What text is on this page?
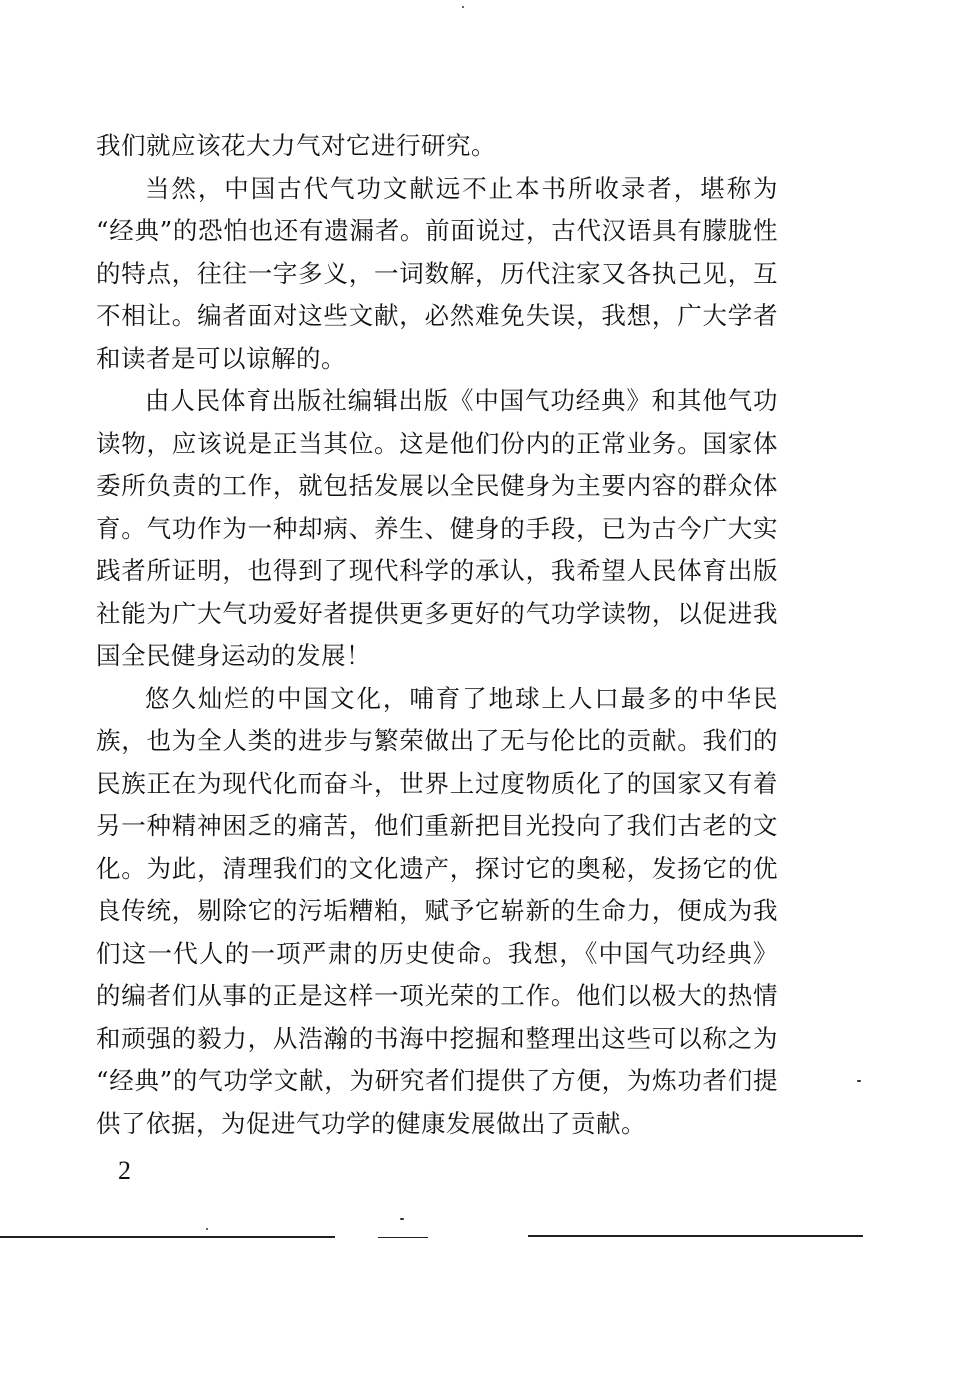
我们就应该花大力气对它进行研究。
当然，中国古代气功文献远不止本书所收录者，堪称为
“经典”的恐怕也还有遗漏者。前面说过，古代汉语具有朦胧性
的特点，往往一字多义，一词数解，历代注家又各执己见，互
不相让。编者面对这些文献，必然难免失误，我想，广大学者
和读者是可以谅解的。
由人民体育出版社编辑出版《中国气功经典》和其他气功
读物，应该说是正当其位。这是他们份内的正常业务。国家体
委所负责的工作，就包括发展以全民健身为主要内容的群众体
育。气功作为一种却病、养生、健身的手段，已为古今广大实
践者所证明，也得到了现代科学的承认，我希望人民体育出版
社能为广大气功爱好者提供更多更好的气功学读物，以促进我
国全民健身运动的发展！
悠久灿烂的中国文化，哺育了地球上人口最多的中华民
族，也为全人类的进步与繁荣做出了无与伦比的贡献。我们的
民族正在为现代化而奋斗，世界上过度物质化了的国家又有着
另一种精神困乏的痛苦，他们重新把目光投向了我们古老的文
化。为此，清理我们的文化遗产，探讨它的奥秘，发扬它的优
良传统，剔除它的污垢糟粕，赋予它崭新的生命力，便成为我
们这一代人的一项严肃的历史使命。我想，《中国气功经典》
的编者们从事的正是这样一项光荣的工作。他们以极大的热情
和顽强的毅力，从浩瀚的书海中挖掘和整理出这些可以称之为
“经典”的气功学文献，为研究者们提供了方便，为炼功者们提
供了依据，为促进气功学的健康发展做出了贡献。
2
